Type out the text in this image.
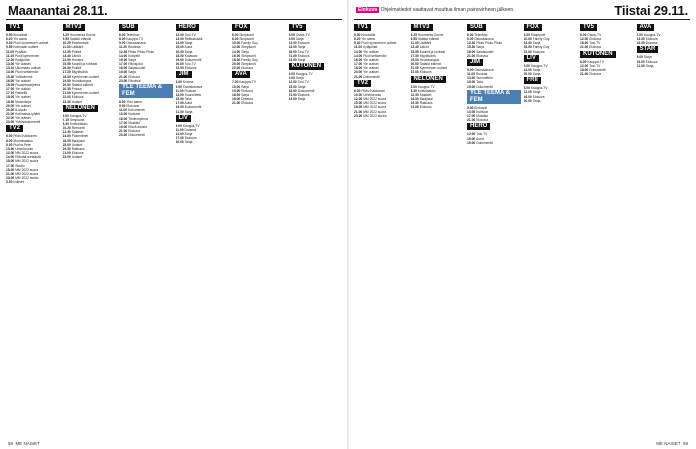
Maanantai 28.11.
TV1
5.50 Kinoksilla
6.20 Yle aamu
9.30 Puoli kymmenen uutiset
9.55 Kotimaan uutiset
11.05 Pysäkki
11.10 Puoli kymmenen
12.00 Kyläjuhlat
13.00 Yle uutiset
13.10 Ulkomaan uutisia
14.00 Puoli seitsemän
15.40 Ystävämme
16.00 Yle uutiset
16.05 Puutarhaohjelma
17.00 Yle uutiset
17.10 Retkellä
18.00 Yle uutiset
18.30 Muistokirja
20.00 Yle uutiset
20.30 A-studio
21.00 Kotimaisia lyhärit
22.00 Yle uutiset
23.00 Ykkösdokumentti
TV2
6.00 Pikku Kakkonen
8.00 Muumilaakso
9.00 Puuha-Pete
10.00 Urheiluruutu
12.00 MM 2022 suora
14.00 Elämää metsästä
15.00 MM 2022 suora
17.00 Studio
18.00 MM 2022 suora
21.00 MM 2022 suora
23.00 MM 2022 studio
0.30 Uutiset
MTV3
6.25 Huomenta Suomi
9.55 Salatut elämät
10.25 Emmerdale
11.30 Lääkärit
12.35 Poliisit
13.40 Lähiöt
14.50 Hunters
15.55 Kauniit ja rohkeat
16.30 Poliisit
17.30 Myytävänä
18.30 Kymmenen uutiset
19.00 Huutokauppa
20.00 Salatut elämät
20.35 Putous
21.00 Kymmenen uutiset
22.00 Elokuva
23.30 Uutiset
NELONEN
6.00 Kauppa-TV
7.15 Simpsonit
8.30 Kotiviidakko
10.20 Remontti
12.30 Salaiset
14.00 Palomiehet
16.00 Maajussi
18.00 Uutiset
19.30 Rakkaus
21.00 Elokuva
23.00 Uutiset
SUB
6.00 Teleshop
8.00 Kauppa-TV
9.00 Ostoskanava
11.20 Rikoksia
12.40 Pikku Pikku Pikku
14.00 Kotipelit
15.30 Sarja
17.00 Rikosjutut
18.00 Salaisuudet
19.00 Sarja
21.00 Elokuva
23.00 Rikoksia
YLE TEEMA & FEM
8.00 Ylen aamu
9.00 Elokuvat
11.00 Dokumentti
13.00 Kulttuuri
16.00 Tiedeohjelma
17.00 Musiikki
19.00 Elävä arkisto
21.00 Elokuva
23.00 Dokumentti
HERO
12.00 Tosi-TV
13.00 Rekkakuskit
14.00 Sarja
15.00 Autot
16.00 Sarja
18.00 Kalastus
19.00 Dokumentti
20.00 Tosi-TV
22.00 Elokuva
JIM
6.00 Kotona
9.00 Ostoskanava
11.00 Ruokaa
13.00 Suunnittelu
15.00 Talot
17.00 Autot
19.00 Dokumentti
21.00 Sarja
LIV
9.00 Kauppa-TV
11.00 Draama
14.00 Sarja
17.00 Elokuva
20.00 Sarja
FOX
6.00 Simpsonit
8.00 Simpsonit
10.00 Family Guy
12.00 Simpsonit
14.00 Sarja
16.00 Simpsonit
18.00 Family Guy
20.00 Simpsonit
22.00 Elokuva
AVA
7.00 Kauppa-TV
10.00 Sarja
13.00 Elokuva
16.00 Sarja
19.00 Draama
21.00 Elokuva
TV5
6.00 Ostos-TV
9.00 Sarja
12.00 Elokuva
15.00 Sarja
18.00 Tosi-TV
21.00 Elokuva
23.00 Sarja
KUTONEN
6.00 Kauppa-TV
9.00 Sarja
12.00 Tosi-TV
15.00 Sarja
18.00 Dokumentti
21.00 Elokuva
23.00 Sarja
58 ME NAISET
Elokuva Ohjelmatiedot saattavat muuttua ilman painovirheen jälkeen.	Tiistai 29.11.
TV1
5.50 Kinoksilla
6.20 Yle aamu
9.30 Puoli kymmenen uutiset
11.00 Kyläjuhlat
13.00 Yle uutiset
14.00 Puoli seitsemän
16.00 Yle uutiset
17.00 Yle uutiset
18.00 Yle uutiset
20.00 Yle uutiset
21.00 Dokumentti
TV2
6.00 Pikku Kakkonen
10.00 Urheiluruutu
12.00 MM 2022 suora
15.00 MM 2022 suora
18.00 MM 2022 suora
21.00 MM 2022 suora
23.00 MM 2022 studio
MTV3
6.25 Huomenta Suomi
9.55 Salatut elämät
11.30 Lääkärit
13.40 Lähiöt
15.55 Kauniit ja rohkeat
17.30 Myytävänä
19.00 Huutokauppa
20.00 Salatut elämät
21.00 Kymmenen uutiset
22.00 Elokuva
NELONEN
6.00 Kauppa-TV
8.30 Kotiviidakko
12.30 Salaiset
16.00 Maajussi
19.30 Rakkaus
21.00 Elokuva
SUB
6.00 Teleshop
9.00 Ostoskanava
12.40 Pikku Pikku Pikku
15.30 Sarja
18.00 Salaisuudet
21.00 Elokuva
JIM
9.00 Ostoskanava
11.00 Ruokaa
13.00 Suunnittelu
15.00 Talot
19.00 Dokumentti
YLE TEEMA & FEM
9.00 Elokuvat
13.00 Kulttuuri
17.00 Musiikki
21.00 Elokuva
HERO
12.00 Tosi-TV
15.00 Autot
19.00 Dokumentti
FOX
6.00 Simpsonit
10.00 Family Guy
14.00 Sarja
18.00 Family Guy
22.00 Elokuva
LIV
9.00 Kauppa-TV
14.00 Sarja
20.00 Sarja
FRII
8.00 Kauppa-TV
12.00 Sarja
16.00 Elokuva
20.00 Sarja
TV5
6.00 Ostos-TV
12.00 Elokuva
18.00 Tosi-TV
21.00 Elokuva
KUTONEN
6.00 Kauppa-TV
12.00 Tosi-TV
18.00 Dokumentti
21.00 Elokuva
AVA
7.00 Kauppa-TV
13.00 Elokuva
19.00 Draama
STAR
9.00 Sarja
15.00 Elokuva
21.00 Sarja
ME NAISET 59
